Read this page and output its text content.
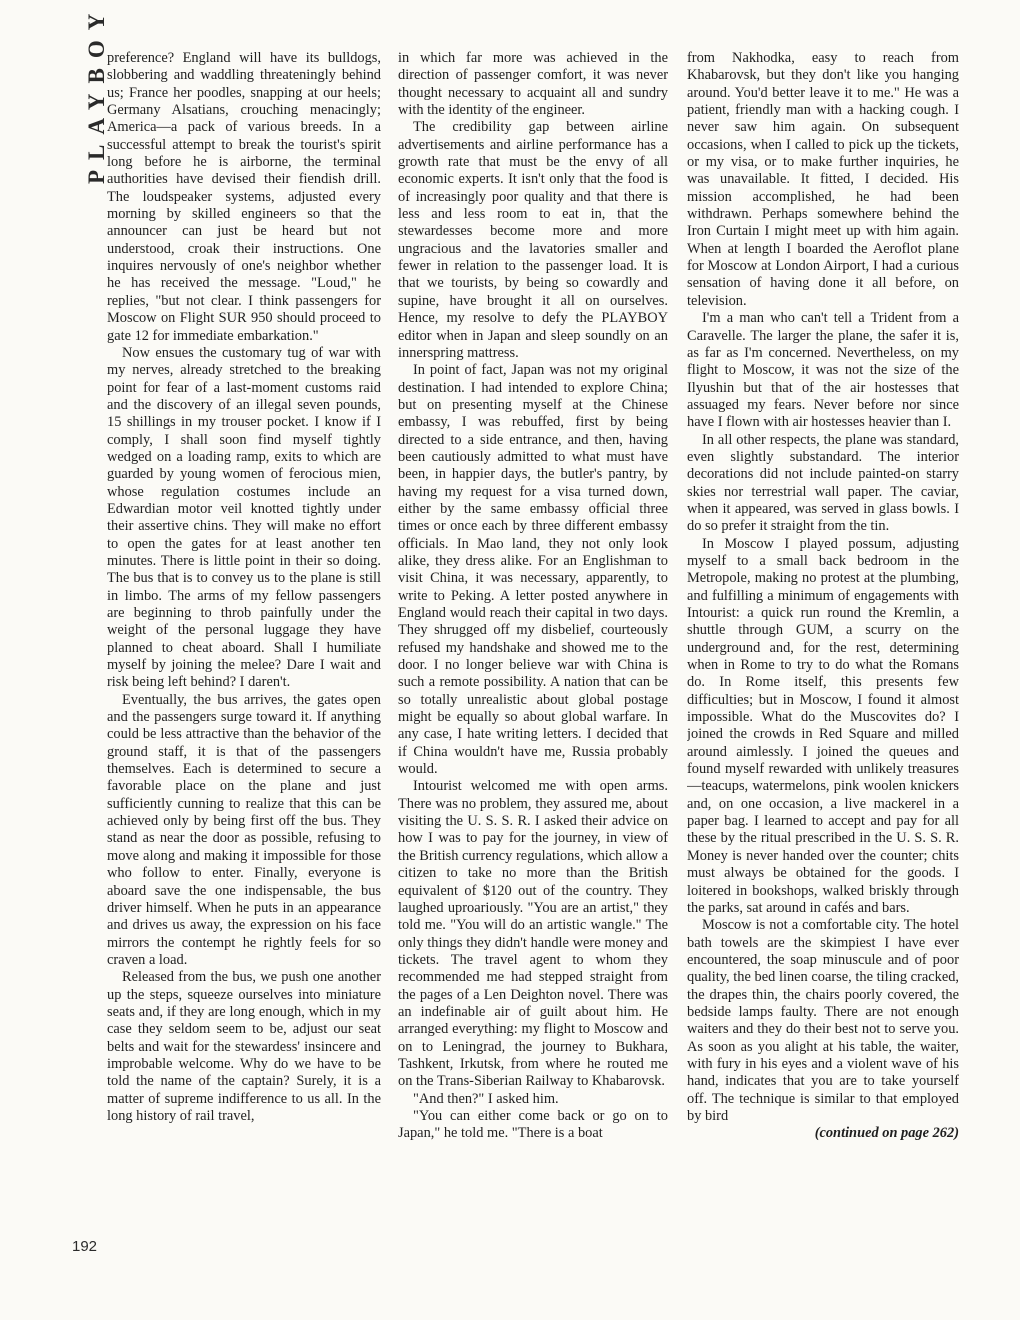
PLAYBOY

preference? England will have its bulldogs, slobbering and waddling threateningly behind us; France her poodles, snapping at our heels; Germany Alsatians, crouching menacingly; America—a pack of various breeds. In a successful attempt to break the tourist's spirit long before he is airborne, the terminal authorities have devised their fiendish drill. The loudspeaker systems, adjusted every morning by skilled engineers so that the announcer can just be heard but not understood, croak their instructions. One inquires nervously of one's neighbor whether he has received the message. "Loud," he replies, "but not clear. I think passengers for Moscow on Flight SUR 950 should proceed to gate 12 for immediate embarkation."

Now ensues the customary tug of war with my nerves, already stretched to the breaking point for fear of a last-moment customs raid and the discovery of an illegal seven pounds, 15 shillings in my trouser pocket. I know if I comply, I shall soon find myself tightly wedged on a loading ramp, exits to which are guarded by young women of ferocious mien, whose regulation costumes include an Edwardian motor veil knotted tightly under their assertive chins. They will make no effort to open the gates for at least another ten minutes. There is little point in their so doing. The bus that is to convey us to the plane is still in limbo. The arms of my fellow passengers are beginning to throb painfully under the weight of the personal luggage they have planned to cheat aboard. Shall I humiliate myself by joining the melee? Dare I wait and risk being left behind? I daren't.

Eventually, the bus arrives, the gates open and the passengers surge toward it. If anything could be less attractive than the behavior of the ground staff, it is that of the passengers themselves. Each is determined to secure a favorable place on the plane and just sufficiently cunning to realize that this can be achieved only by being first off the bus. They stand as near the door as possible, refusing to move along and making it impossible for those who follow to enter. Finally, everyone is aboard save the one indispensable, the bus driver himself. When he puts in an appearance and drives us away, the expression on his face mirrors the contempt he rightly feels for so craven a load.

Released from the bus, we push one another up the steps, squeeze ourselves into miniature seats and, if they are long enough, which in my case they seldom seem to be, adjust our seat belts and wait for the stewardess' insincere and improbable welcome. Why do we have to be told the name of the captain? Surely, it is a matter of supreme indifference to us all. In the long history of rail travel,

in which far more was achieved in the direction of passenger comfort, it was never thought necessary to acquaint all and sundry with the identity of the engineer.

The credibility gap between airline advertisements and airline performance has a growth rate that must be the envy of all economic experts. It isn't only that the food is of increasingly poor quality and that there is less and less room to eat in, that the stewardesses become more and more ungracious and the lavatories smaller and fewer in relation to the passenger load. It is that we tourists, by being so cowardly and supine, have brought it all on ourselves. Hence, my resolve to defy the PLAYBOY editor when in Japan and sleep soundly on an innerspring mattress.

In point of fact, Japan was not my original destination. I had intended to explore China; but on presenting myself at the Chinese embassy, I was rebuffed, first by being directed to a side entrance, and then, having been cautiously admitted to what must have been, in happier days, the butler's pantry, by having my request for a visa turned down, either by the same embassy official three times or once each by three different embassy officials. In Mao land, they not only look alike, they dress alike. For an Englishman to visit China, it was necessary, apparently, to write to Peking. A letter posted anywhere in England would reach their capital in two days. They shrugged off my disbelief, courteously refused my handshake and showed me to the door. I no longer believe war with China is such a remote possibility. A nation that can be so totally unrealistic about global postage might be equally so about global warfare. In any case, I hate writing letters. I decided that if China wouldn't have me, Russia probably would.

Intourist welcomed me with open arms. There was no problem, they assured me, about visiting the U. S. S. R. I asked their advice on how I was to pay for the journey, in view of the British currency regulations, which allow a citizen to take no more than the British equivalent of $120 out of the country. They laughed uproariously. "You are an artist," they told me. "You will do an artistic wangle." The only things they didn't handle were money and tickets. The travel agent to whom they recommended me had stepped straight from the pages of a Len Deighton novel. There was an indefinable air of guilt about him. He arranged everything: my flight to Moscow and on to Leningrad, the journey to Bukhara, Tashkent, Irkutsk, from where he routed me on the Trans-Siberian Railway to Khabarovsk.

"And then?" I asked him.

"You can either come back or go on to Japan," he told me. "There is a boat

from Nakhodka, easy to reach from Khabarovsk, but they don't like you hanging around. You'd better leave it to me." He was a patient, friendly man with a hacking cough. I never saw him again. On subsequent occasions, when I called to pick up the tickets, or my visa, or to make further inquiries, he was unavailable. It fitted, I decided. His mission accomplished, he had been withdrawn. Perhaps somewhere behind the Iron Curtain I might meet up with him again. When at length I boarded the Aeroflot plane for Moscow at London Airport, I had a curious sensation of having done it all before, on television.

I'm a man who can't tell a Trident from a Caravelle. The larger the plane, the safer it is, as far as I'm concerned. Nevertheless, on my flight to Moscow, it was not the size of the Ilyushin but that of the air hostesses that assuaged my fears. Never before nor since have I flown with air hostesses heavier than I.

In all other respects, the plane was standard, even slightly substandard. The interior decorations did not include painted-on starry skies nor terrestrial wall paper. The caviar, when it appeared, was served in glass bowls. I do so prefer it straight from the tin.

In Moscow I played possum, adjusting myself to a small back bedroom in the Metropole, making no protest at the plumbing, and fulfilling a minimum of engagements with Intourist: a quick run round the Kremlin, a shuttle through GUM, a scurry on the underground and, for the rest, determining when in Rome to try to do what the Romans do. In Rome itself, this presents few difficulties; but in Moscow, I found it almost impossible. What do the Muscovites do? I joined the crowds in Red Square and milled around aimlessly. I joined the queues and found myself rewarded with unlikely treasures—teacups, watermelons, pink woolen knickers and, on one occasion, a live mackerel in a paper bag. I learned to accept and pay for all these by the ritual prescribed in the U. S. S. R. Money is never handed over the counter; chits must always be obtained for the goods. I loitered in bookshops, walked briskly through the parks, sat around in cafés and bars.

Moscow is not a comfortable city. The hotel bath towels are the skimpiest I have ever encountered, the soap minuscule and of poor quality, the bed linen coarse, the tiling cracked, the drapes thin, the chairs poorly covered, the bedside lamps faulty. There are not enough waiters and they do their best not to serve you. As soon as you alight at his table, the waiter, with fury in his eyes and a violent wave of his hand, indicates that you are to take yourself off. The technique is similar to that employed by bird

(continued on page 262)

192
